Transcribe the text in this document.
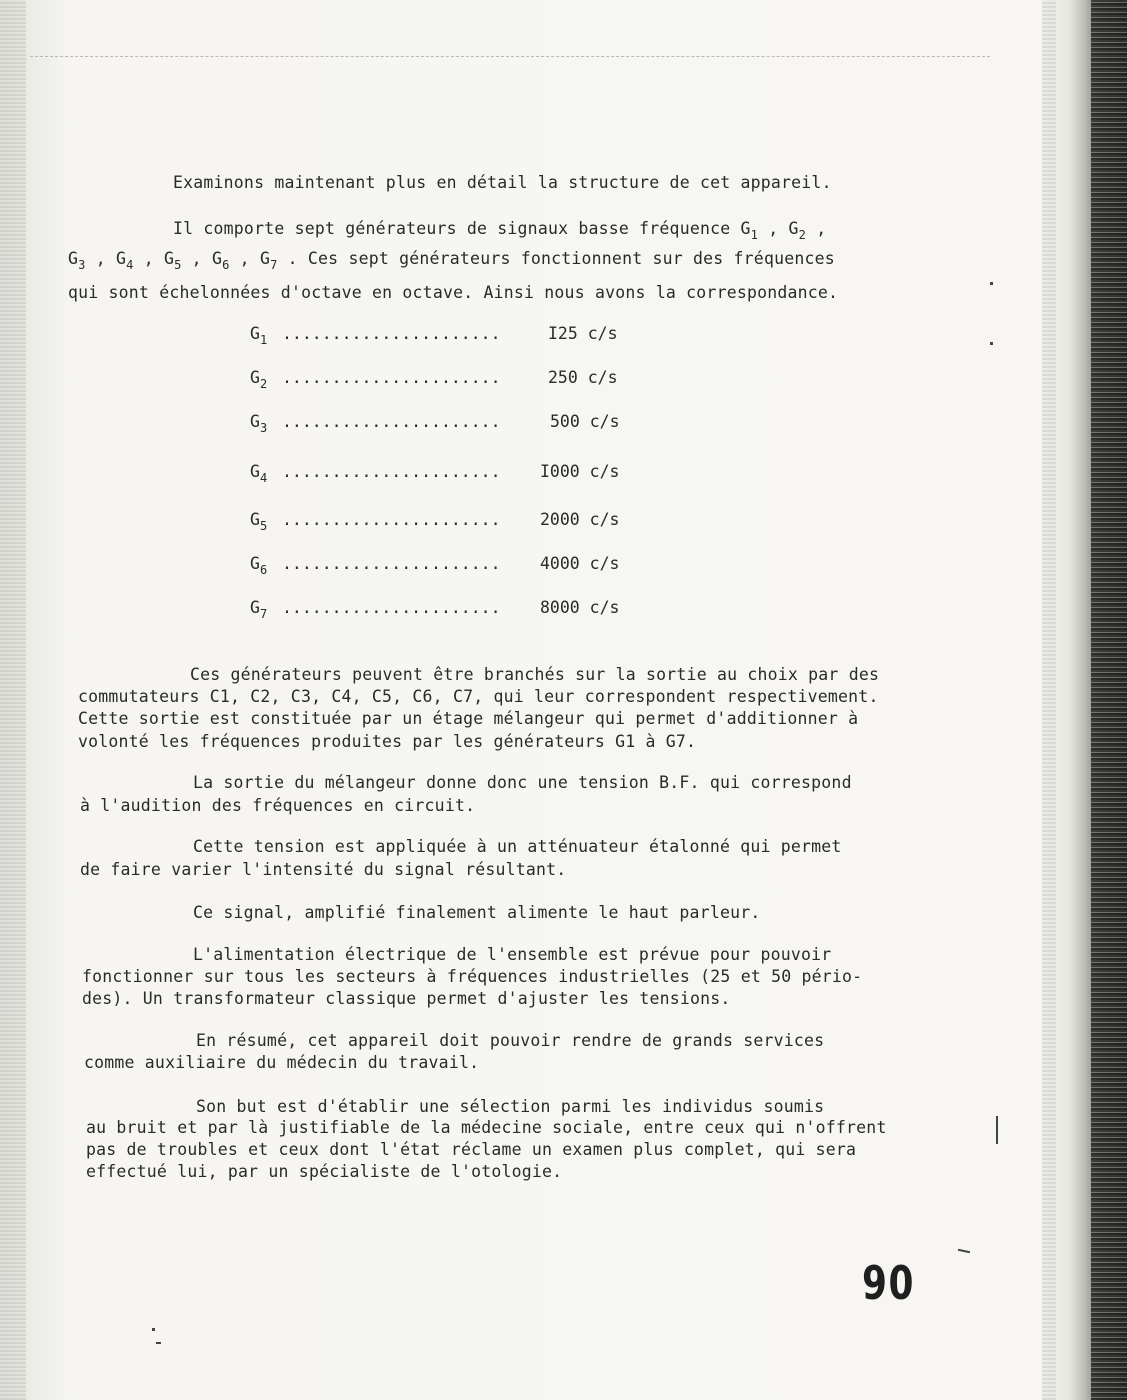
Examinons maintenant plus en détail la structure de cet appareil.
Il comporte sept générateurs de signaux basse fréquence $G_1$ , $G_2$ ,
$G_3$ , $G_4$ , $G_5$ , $G_6$ , $G_7$ . Ces sept générateurs fonctionnent sur des fréquences
qui sont échelonnées d'octave en octave. Ainsi nous avons la correspondance.
$G_1$ ......................	I25 c/s
$G_2$ ......................	250 c/s
$G_3$ ......................	500 c/s
$G_4$ ...................... I000 c/s
$G_5$ ...................... 2000 c/s
$G_6$ ...................... 4000 c/s
$G_7$ ...................... 8000 c/s
Ces générateurs peuvent être branchés sur la sortie au choix par des
commutateurs C1, C2, C3, C4, C5, C6, C7, qui leur correspondent respectivement.
Cette sortie est constituée par un étage mélangeur qui permet d'additionner à
volonté les fréquences produites par les générateurs G1 à G7.
La sortie du mélangeur donne donc une tension B.F. qui correspond
à l'audition des fréquences en circuit.
Cette tension est appliquée à un atténuateur étalonné qui permet
de faire varier l'intensité du signal résultant.
Ce signal, amplifié finalement alimente le haut parleur.
L'alimentation électrique de l'ensemble est prévue pour pouvoir
fonctionner sur tous les secteurs à fréquences industrielles (25 et 50 pério-
des). Un transformateur classique permet d'ajuster les tensions.
En résumé, cet appareil doit pouvoir rendre de grands services
comme auxiliaire du médecin du travail.
Son but est d'établir une sélection parmi les individus soumis
au bruit et par là justifiable de la médecine sociale, entre ceux qui n'offrent
pas de troubles et ceux dont l'état réclame un examen plus complet, qui sera
effectué lui, par un spécialiste de l'otologie.
90
